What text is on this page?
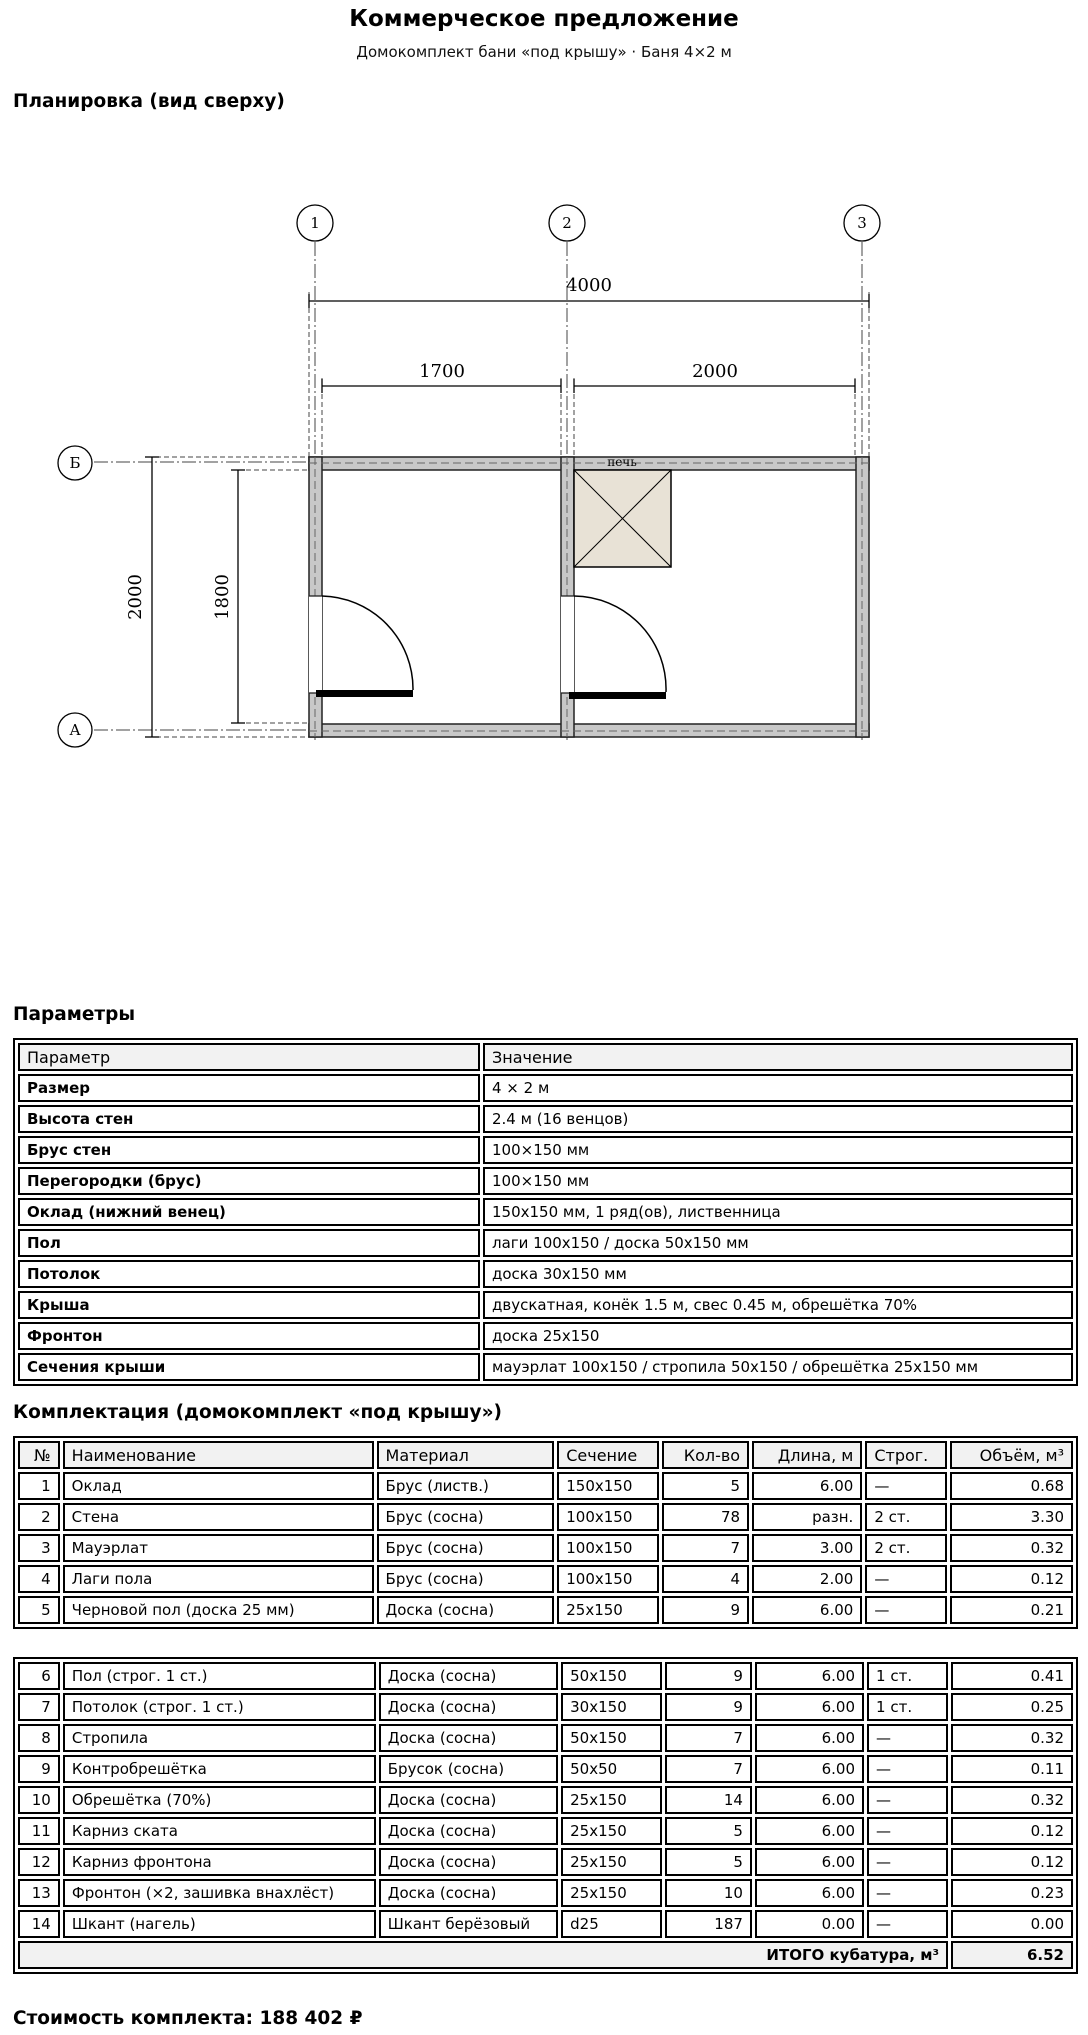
Коммерческое предложение
Домокомплект бани «под крышу» · Баня 4×2 м
Планировка (вид сверху)
1	2	3
Б
А
4000
1700	2000
2000	1800
печь
Параметры
Параметр	Значение
Размер	4 × 2 м
Высота стен	2.4 м (16 венцов)
Брус стен	100×150 мм
Перегородки (брус)	100×150 мм
Оклад (нижний венец)	150x150 мм, 1 ряд(ов), лиственница
Пол	лаги 100x150 / доска 50x150 мм
Потолок	доска 30x150 мм
Крыша	двускатная, конёк 1.5 м, свес 0.45 м, обрешётка 70%
Фронтон	доска 25x150
Сечения крыши	мауэрлат 100x150 / стропила 50x150 / обрешётка 25x150 мм
Комплектация (домокомплект «под крышу»)
№	Наименование	Материал	Сечение	Кол-во	Длина, м	Строг.	Объём, м³
1	Оклад	Брус (листв.)	150x150	5	6.00	—	0.68
2	Стена	Брус (сосна)	100x150	78	разн.	2 ст.	3.30
3	Мауэрлат	Брус (сосна)	100x150	7	3.00	2 ст.	0.32
4	Лаги пола	Брус (сосна)	100x150	4	2.00	—	0.12
5	Черновой пол (доска 25 мм)	Доска (сосна)	25x150	9	6.00	—	0.21
6	Пол (строг. 1 ст.)	Доска (сосна)	50x150	9	6.00	1 ст.	0.41
7	Потолок (строг. 1 ст.)	Доска (сосна)	30x150	9	6.00	1 ст.	0.25
8	Стропила	Доска (сосна)	50x150	7	6.00	—	0.32
9	Контробрешётка	Брусок (сосна)	50x50	7	6.00	—	0.11
10	Обрешётка (70%)	Доска (сосна)	25x150	14	6.00	—	0.32
11	Карниз ската	Доска (сосна)	25x150	5	6.00	—	0.12
12	Карниз фронтона	Доска (сосна)	25x150	5	6.00	—	0.12
13	Фронтон (×2, зашивка внахлёст)	Доска (сосна)	25x150	10	6.00	—	0.23
14	Шкант (нагель)	Шкант берёзовый	d25	187	0.00	—	0.00
ИТОГО кубатура, м³							6.52
Стоимость комплекта: 188 402 ₽
